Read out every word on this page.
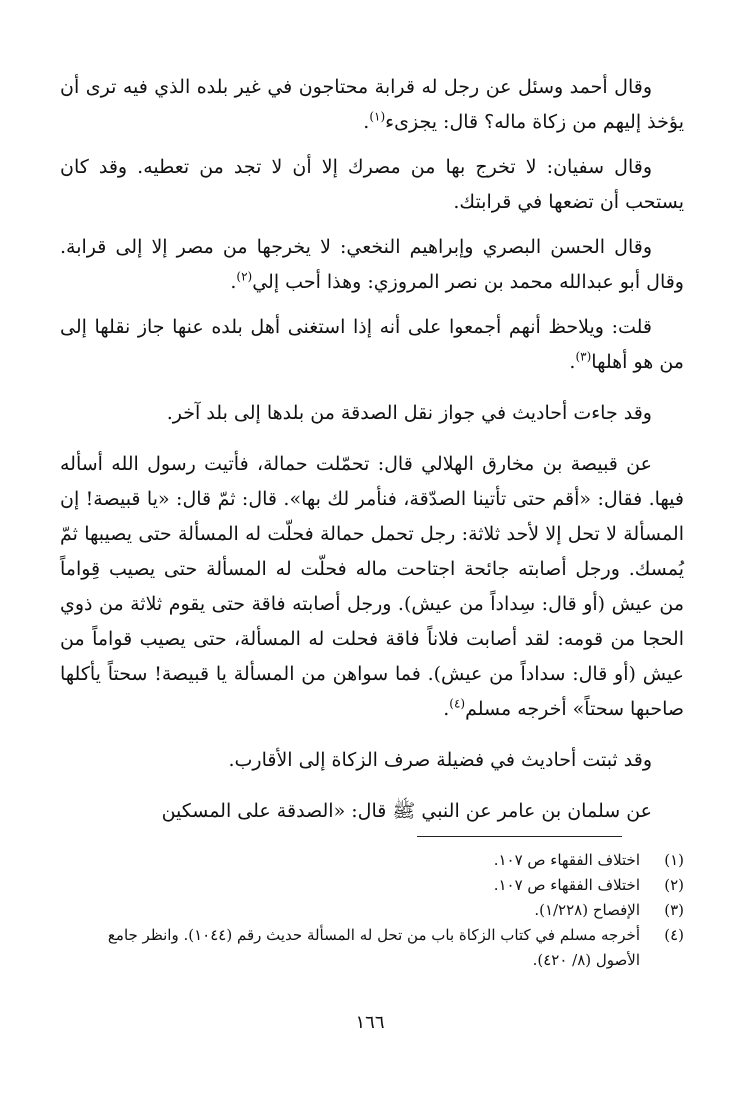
وقال أحمد وسئل عن رجل له قرابة محتاجون في غير بلده الذي فيه ترى أن يؤخذ إليهم من زكاة ماله؟ قال: يجزىء$^{(١)}$.

وقال سفيان: لا تخرج بها من مصرك إلا أن لا تجد من تعطيه. وقد كان يستحب أن تضعها في قرابتك.

وقال الحسن البصري وإبراهيم النخعي: لا يخرجها من مصر إلا إلى قرابة. وقال أبو عبدالله محمد بن نصر المروزي: وهذا أحب إلي$^{(٢)}$.

قلت: ويلاحظ أنهم أجمعوا على أنه إذا استغنى أهل بلده عنها جاز نقلها إلى من هو أهلها$^{(٣)}$.

وقد جاءت أحاديث في جواز نقل الصدقة من بلدها إلى بلد آخر.

عن قبيصة بن مخارق الهلالي قال: تحمّلت حمالة، فأتيت رسول الله أسأله فيها. فقال: «أقم حتى تأتينا الصدّقة، فنأمر لك بها». قال: ثمّ قال: «يا قبيصة! إن المسألة لا تحل إلا لأحد ثلاثة: رجل تحمل حمالة فحلّت له المسألة حتى يصيبها ثمّ يُمسك. ورجل أصابته جائحة اجتاحت ماله فحلّت له المسألة حتى يصيب قِواماً من عيش (أو قال: سِداداً من عيش). ورجل أصابته فاقة حتى يقوم ثلاثة من ذوي الحجا من قومه: لقد أصابت فلاناً فاقة فحلت له المسألة، حتى يصيب قواماً من عيش (أو قال: سداداً من عيش). فما سواهن من المسألة يا قبيصة! سحتاً يأكلها صاحبها سحتاً» أخرجه مسلم$^{(٤)}$.

وقد ثبتت أحاديث في فضيلة صرف الزكاة إلى الأقارب.

عن سلمان بن عامر عن النبي ﷺ قال: «الصدقة على المسكين

(١)
اختلاف الفقهاء ص ١٠٧.
(٢)
اختلاف الفقهاء ص ١٠٧.
(٣)
الإفصاح (١/٢٢٨).
(٤)
أخرجه مسلم في كتاب الزكاة باب من تحل له المسألة حديث رقم (١٠٤٤). وانظر جامع الأصول (٨/ ٤٢٠).
١٦٦
